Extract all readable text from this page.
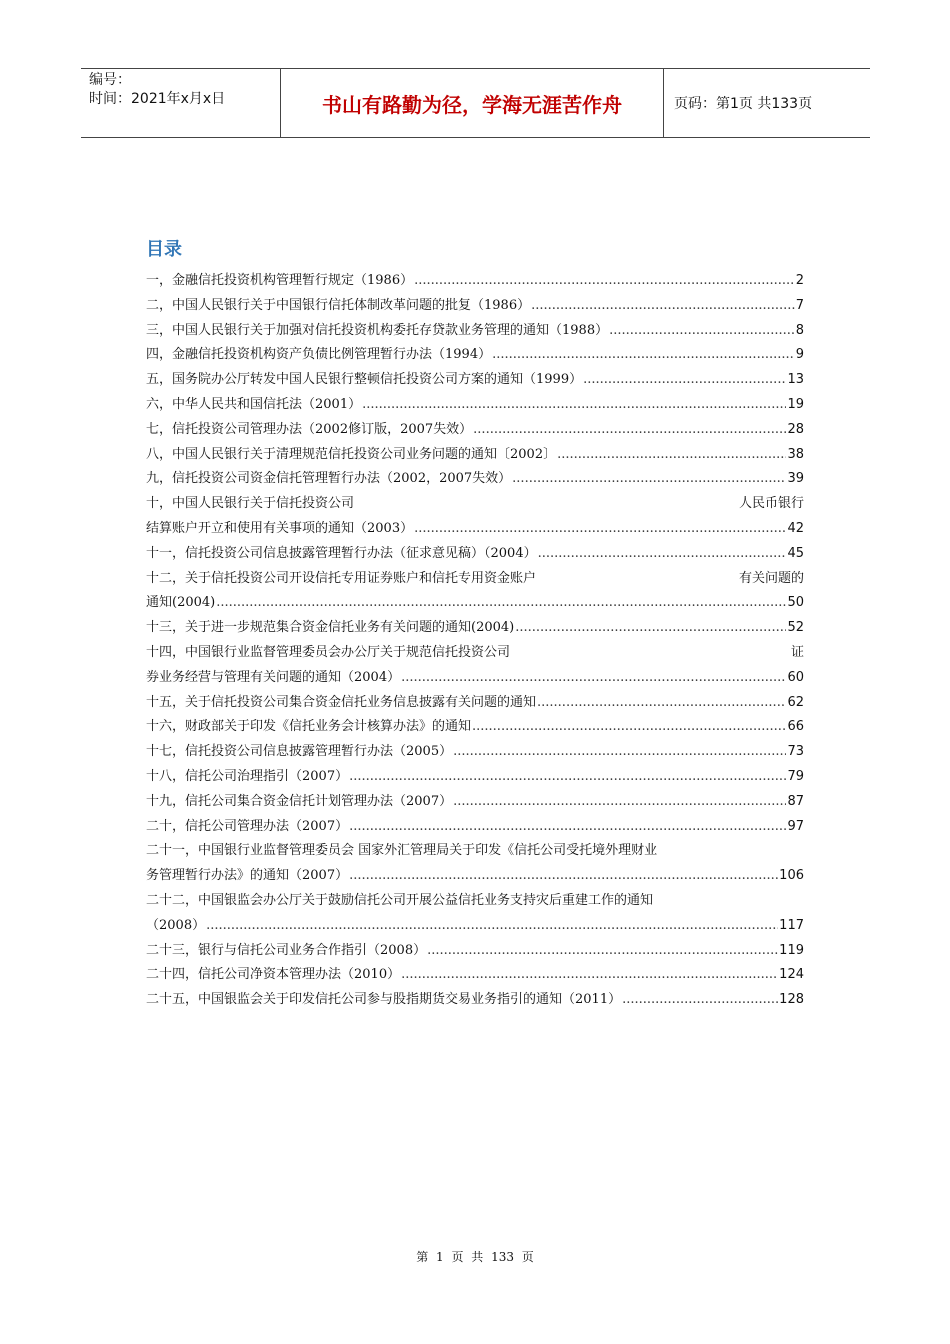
编号：
时间：2021年x月x日	书山有路勤为径，学海无涯苦作舟	页码：第1页 共133页
目录
一，金融信托投资机构管理暂行规定（1986） .....	2
二，中国人民银行关于中国银行信托体制改革问题的批复（1986） .....	7
三，中国人民银行关于加强对信托投资机构委托存贷款业务管理的通知（1988） .....	8
四，金融信托投资机构资产负债比例管理暂行办法（1994） .....	9
五，国务院办公厅转发中国人民银行整顿信托投资公司方案的通知（1999） .....	13
六，中华人民共和国信托法（2001） .....	19
七，信托投资公司管理办法（2002修订版，2007失效） .....	28
八，中国人民银行关于清理规范信托投资公司业务问题的通知〔2002〕 .....	38
九，信托投资公司资金信托管理暂行办法（2002，2007失效） .....	39
十，中国人民银行关于信托投资公司	人民币银行
结算账户开立和使用有关事项的通知（2003） .....	42
十一，信托投资公司信息披露管理暂行办法（征求意见稿）（2004） .....	45
十二，关于信托投资公司开设信托专用证券账户和信托专用资金账户	有关问题的
通知(2004) .....	50
十三，关于进一步规范集合资金信托业务有关问题的通知(2004) .....	52
十四，中国银行业监督管理委员会办公厅关于规范信托投资公司	证
券业务经营与管理有关问题的通知（2004） .....	60
十五，关于信托投资公司集合资金信托业务信息披露有关问题的通知 .....	62
十六，财政部关于印发《信托业务会计核算办法》的通知 .....	66
十七，信托投资公司信息披露管理暂行办法（2005） .....	73
十八，信托公司治理指引（2007） .....	79
十九，信托公司集合资金信托计划管理办法（2007） .....	87
二十，信托公司管理办法（2007） .....	97
二十一，中国银行业监督管理委员会 国家外汇管理局关于印发《信托公司受托境外理财业
务管理暂行办法》的通知（2007） .....	106
二十二，中国银监会办公厅关于鼓励信托公司开展公益信托业务支持灾后重建工作的通知
（2008） .....	117
二十三，银行与信托公司业务合作指引（2008） .....	119
二十四，信托公司净资本管理办法（2010） .....	124
二十五，中国银监会关于印发信托公司参与股指期货交易业务指引的通知（2011） .....	128
第 1 页 共 133 页
